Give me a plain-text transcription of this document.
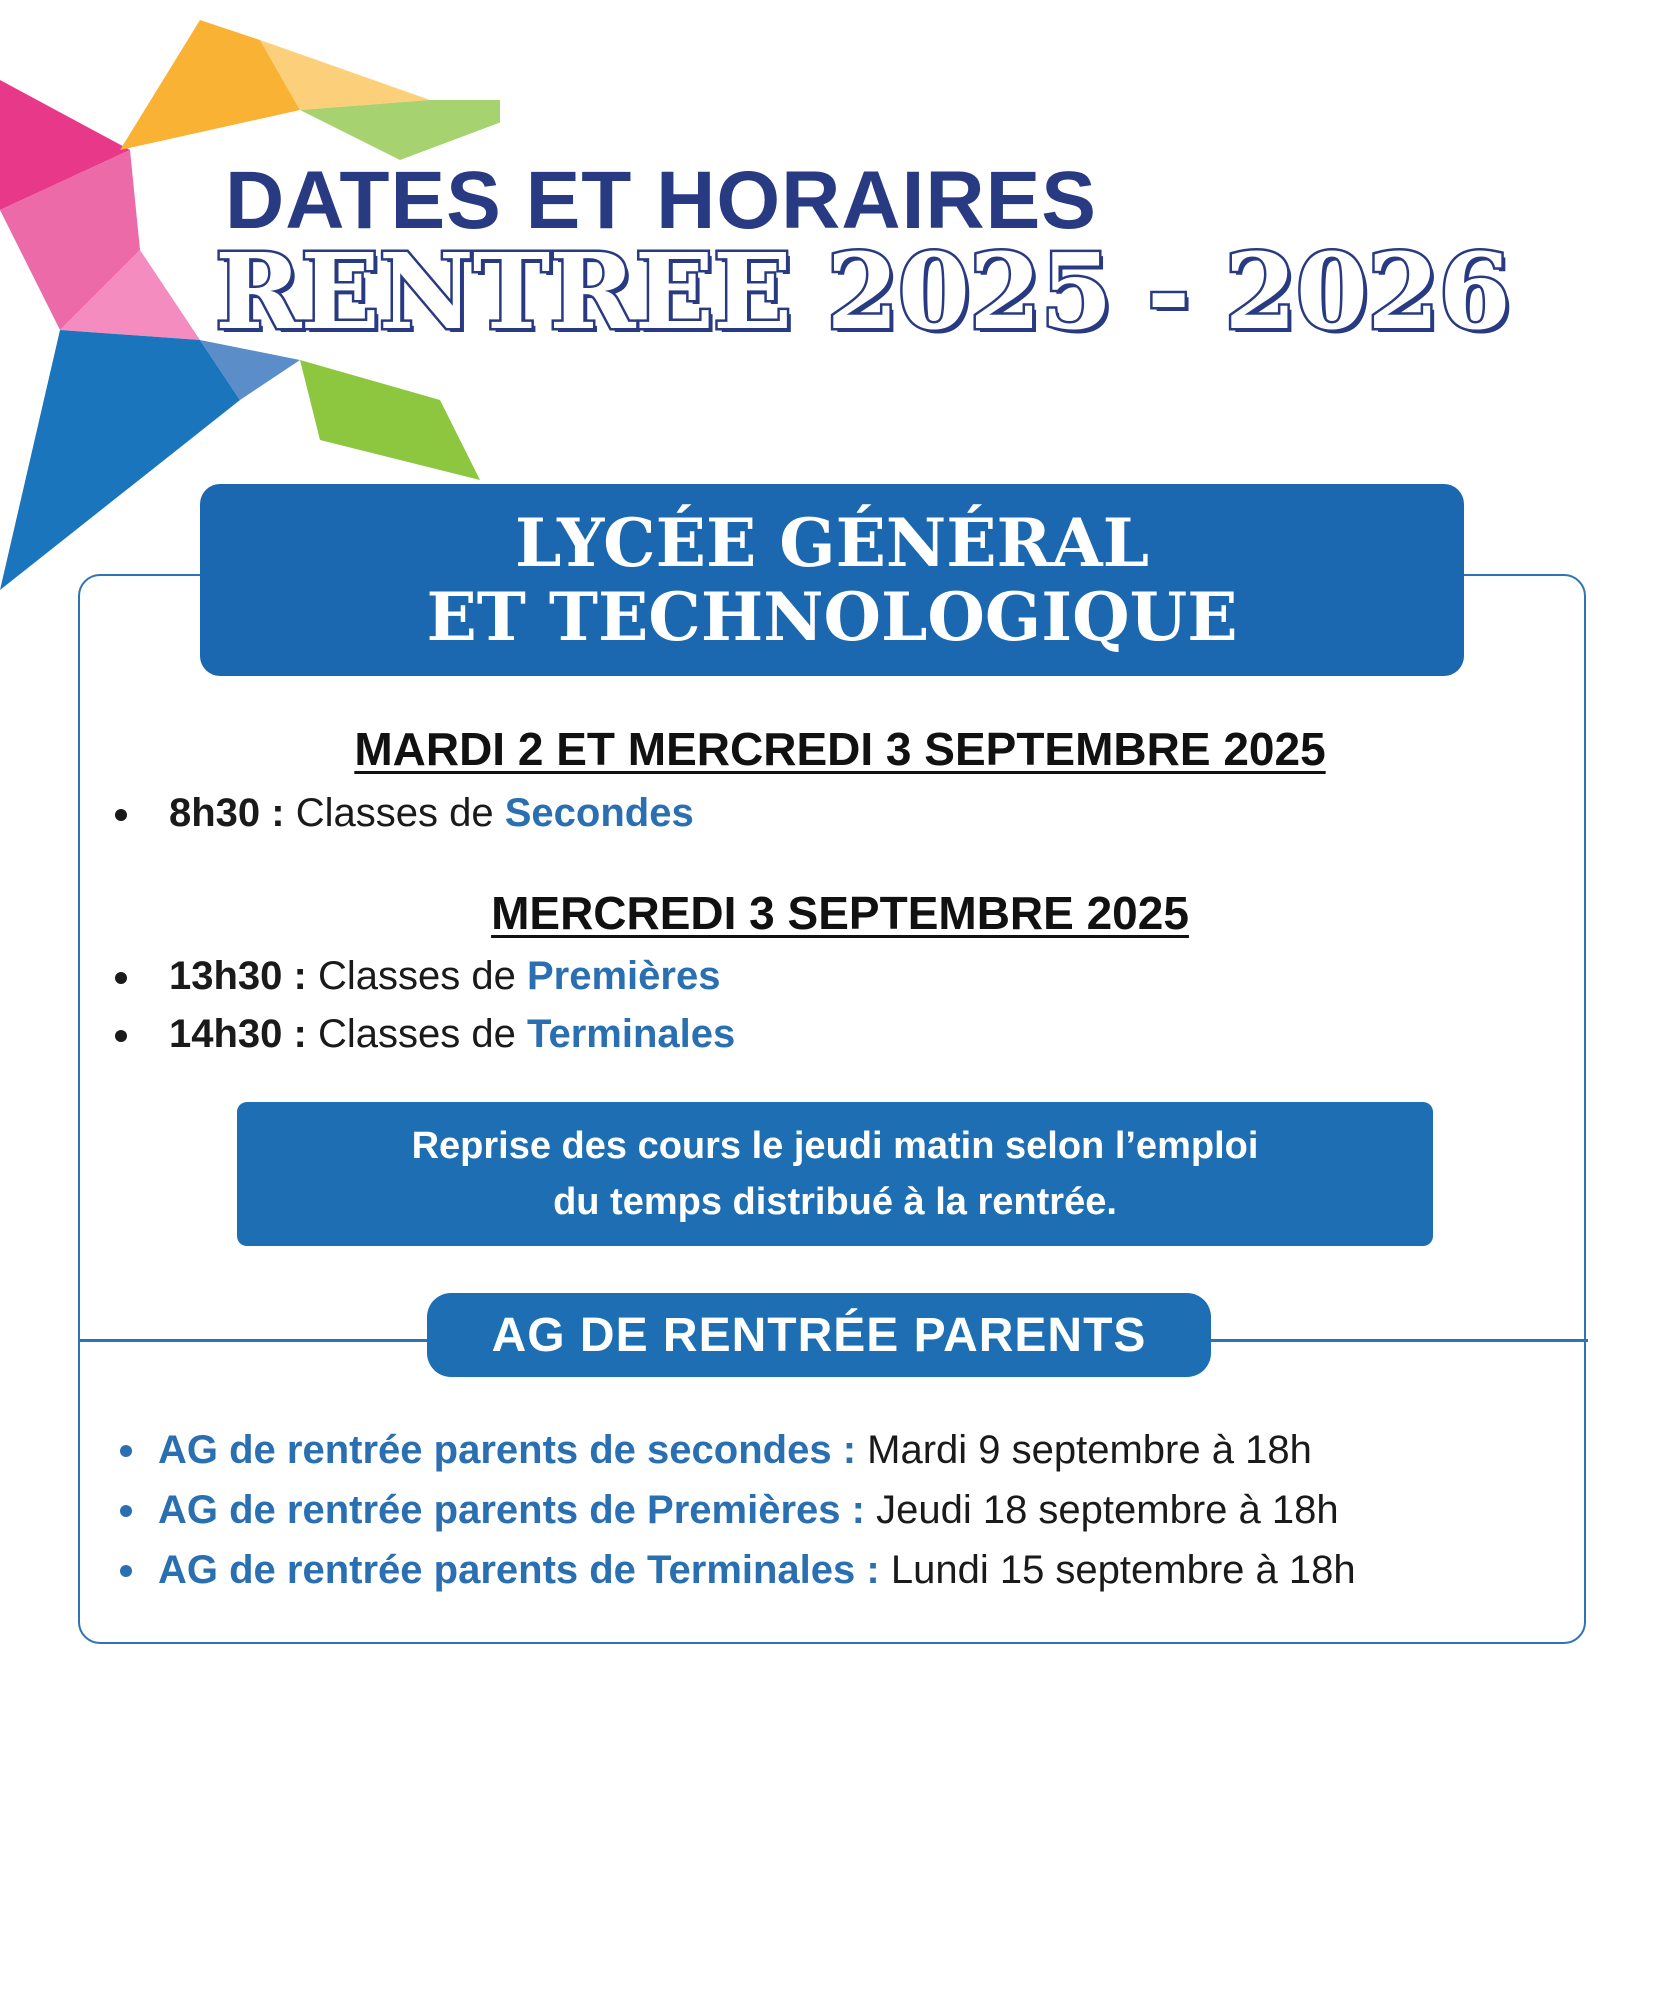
DATES ET HORAIRES
RENTREE 2025 - 2026
LYCÉE GÉNÉRAL
ET TECHNOLOGIQUE
MARDI 2 ET MERCREDI 3 SEPTEMBRE 2025
8h30 : Classes de Secondes
MERCREDI 3 SEPTEMBRE 2025
13h30 : Classes de Premières
14h30 : Classes de Terminales
Reprise des cours le jeudi matin selon l’emploi
du temps distribué à la rentrée.
AG DE RENTRÉE PARENTS
AG de rentrée parents de secondes : Mardi 9 septembre à 18h
AG de rentrée parents de Premières : Jeudi 18 septembre à 18h
AG de rentrée parents de Terminales : Lundi 15 septembre à 18h
